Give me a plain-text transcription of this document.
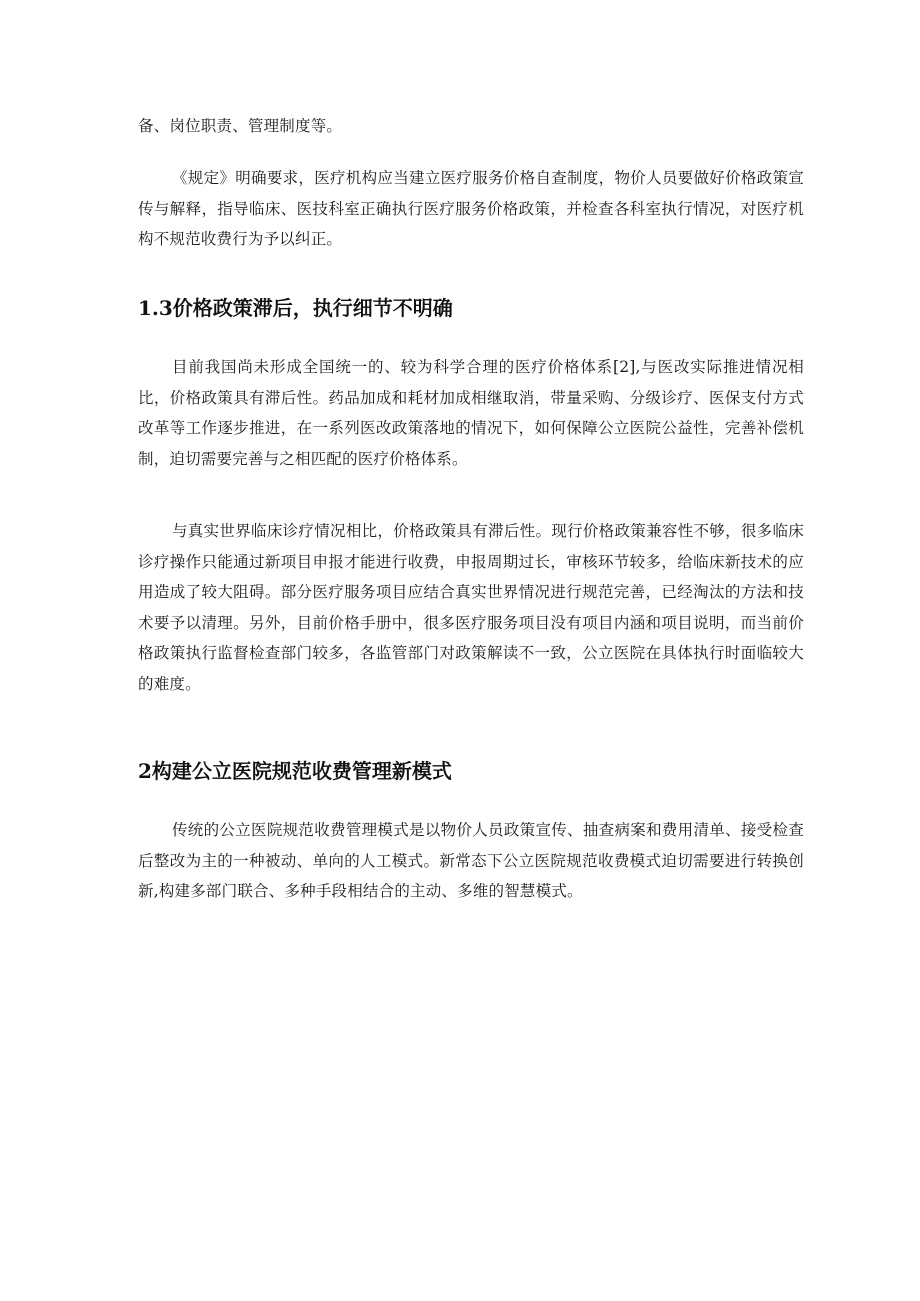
备、岗位职责、管理制度等。

《规定》明确要求，医疗机构应当建立医疗服务价格自查制度，物价人员要做好价格政策宣传与解释，指导临床、医技科室正确执行医疗服务价格政策，并检查各科室执行情况，对医疗机构不规范收费行为予以纠正。

1.3价格政策滞后，执行细节不明确

目前我国尚未形成全国统一的、较为科学合理的医疗价格体系[2],与医改实际推进情况相比，价格政策具有滞后性。药品加成和耗材加成相继取消，带量采购、分级诊疗、医保支付方式改革等工作逐步推进，在一系列医改政策落地的情况下，如何保障公立医院公益性，完善补偿机制，迫切需要完善与之相匹配的医疗价格体系。

与真实世界临床诊疗情况相比，价格政策具有滞后性。现行价格政策兼容性不够，很多临床诊疗操作只能通过新项目申报才能进行收费，申报周期过长，审核环节较多，给临床新技术的应用造成了较大阻碍。部分医疗服务项目应结合真实世界情况进行规范完善，已经淘汰的方法和技术要予以清理。另外，目前价格手册中，很多医疗服务项目没有项目内涵和项目说明，而当前价格政策执行监督检查部门较多，各监管部门对政策解读不一致，公立医院在具体执行时面临较大的难度。

2构建公立医院规范收费管理新模式

传统的公立医院规范收费管理模式是以物价人员政策宣传、抽查病案和费用清单、接受检查后整改为主的一种被动、单向的人工模式。新常态下公立医院规范收费模式迫切需要进行转换创新,构建多部门联合、多种手段相结合的主动、多维的智慧模式。
